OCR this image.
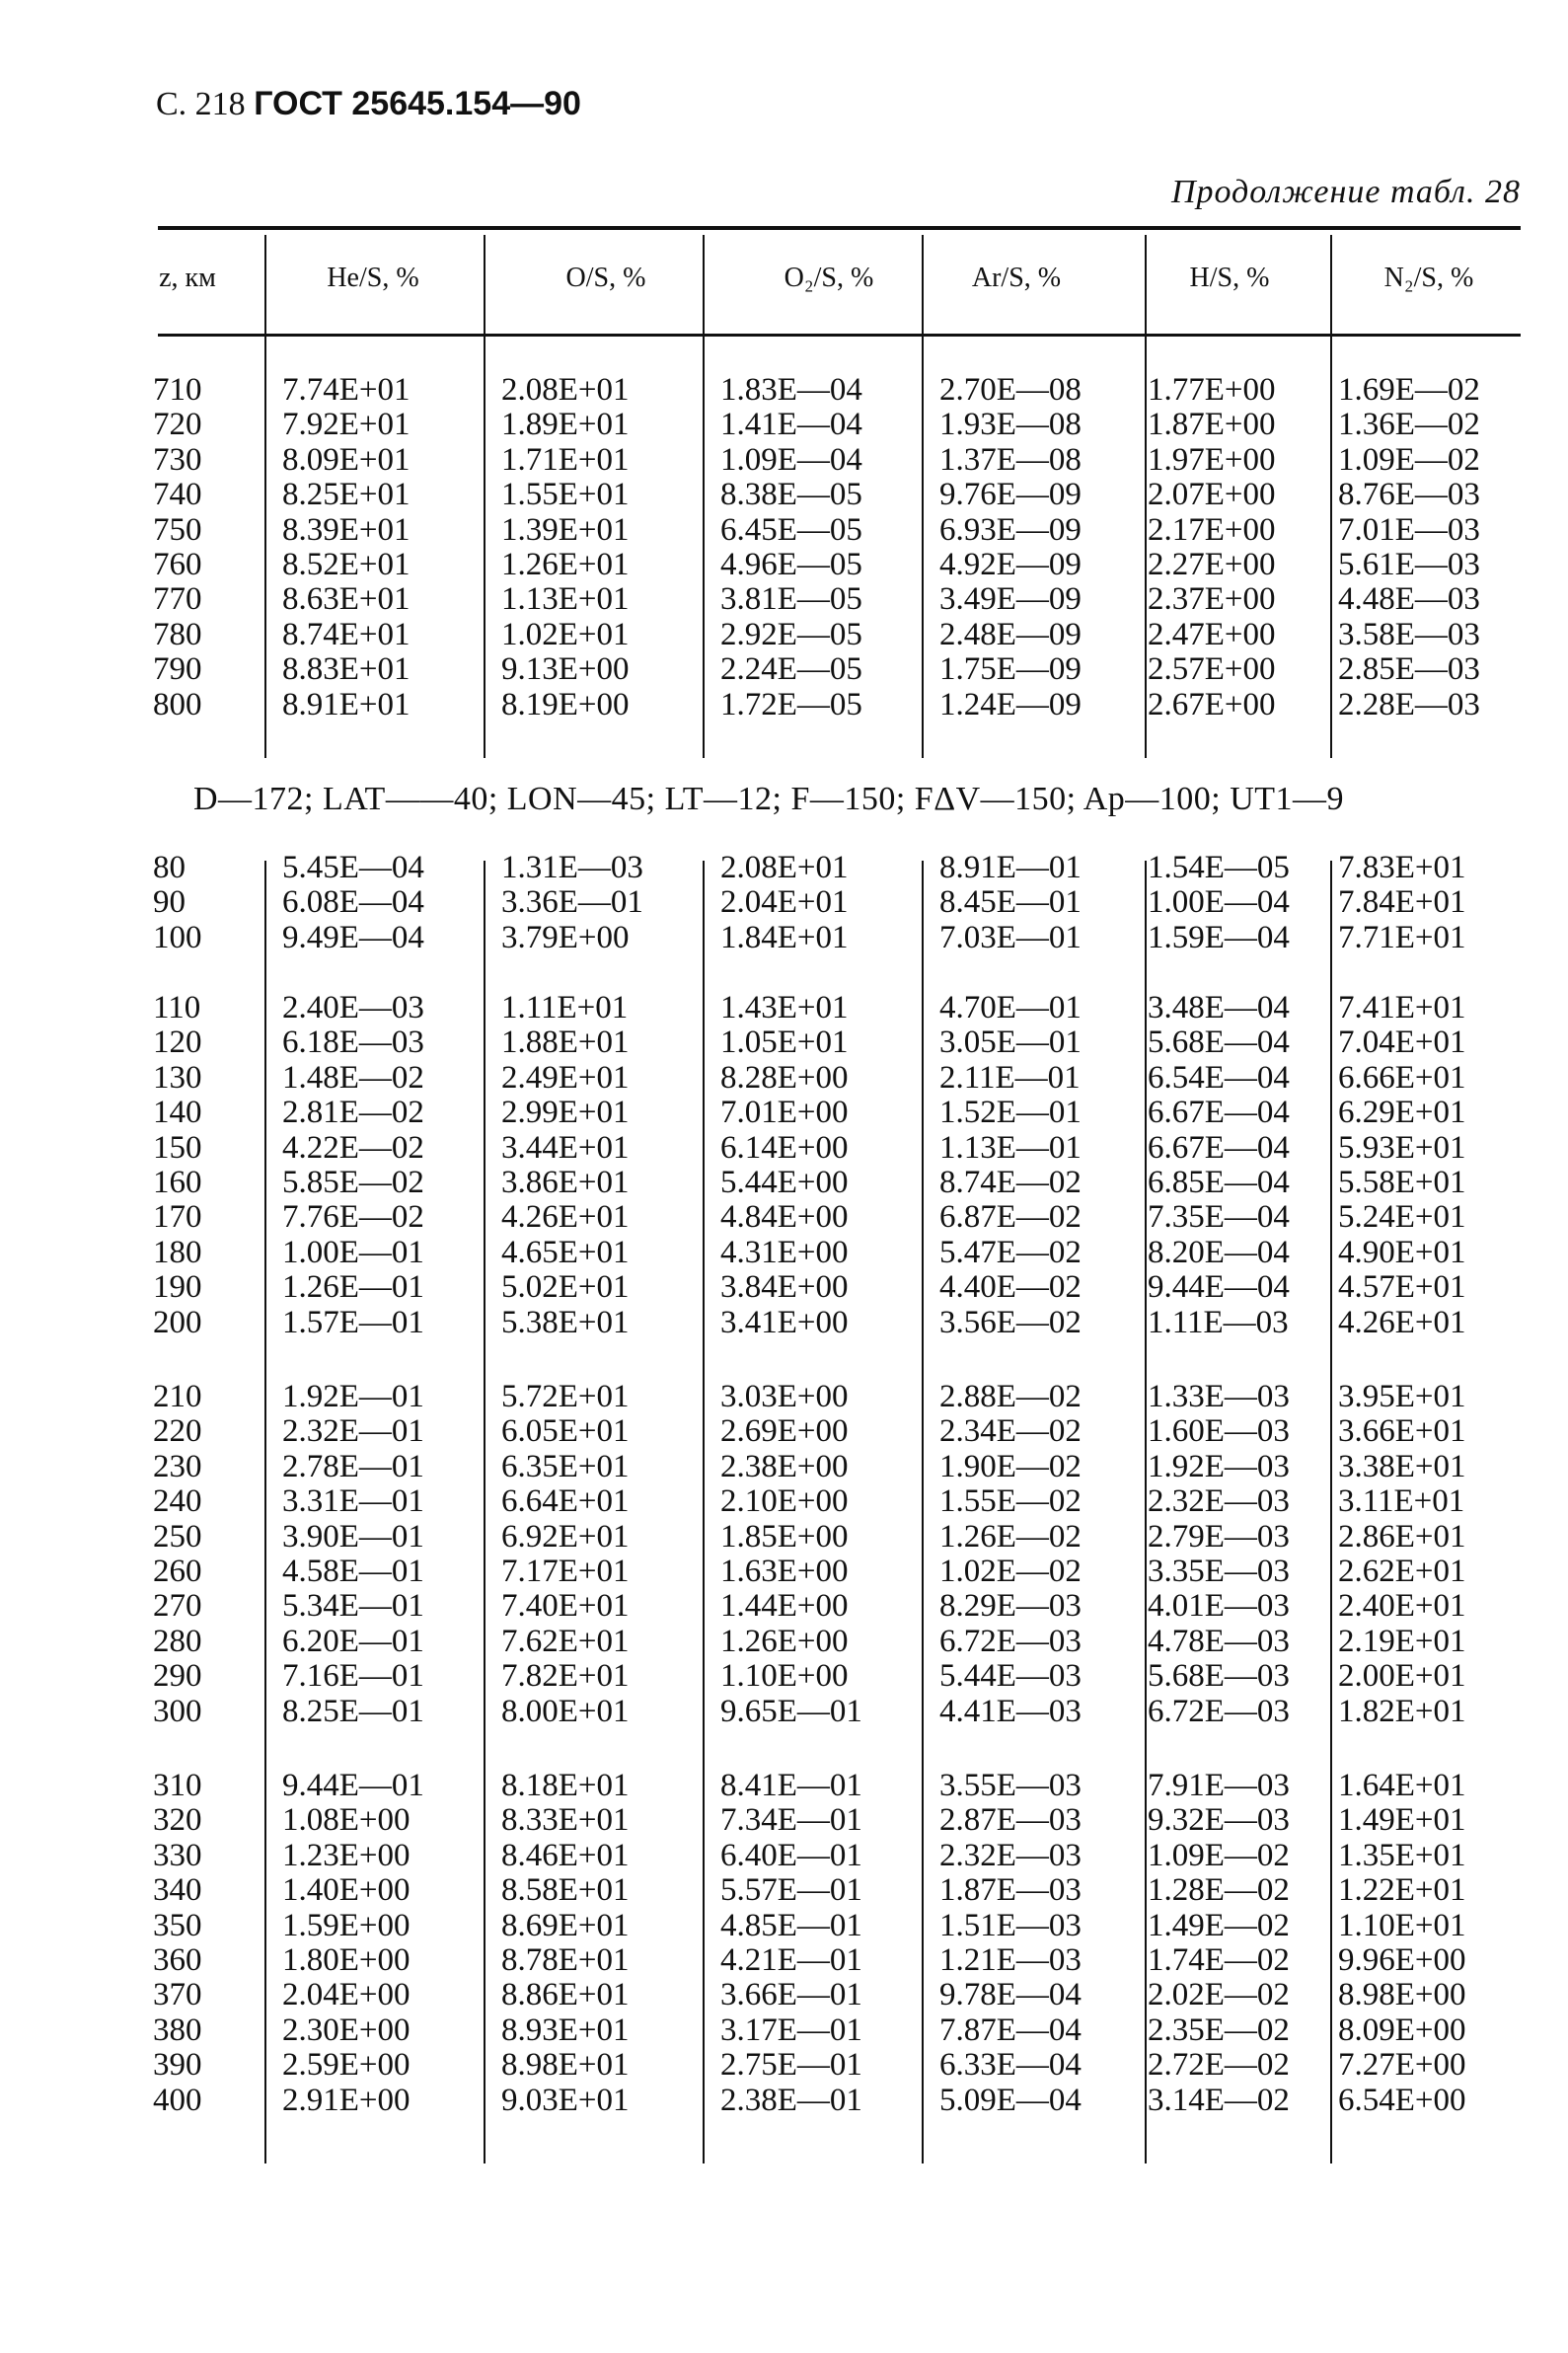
С. 218 ГОСТ 25645.154—90
Продолжение табл. 28
z, км	He/S, %	O/S, %	O₂/S, %	Ar/S, %	H/S, %	N₂/S, %
710 7.74E+01	2.08E+01	1.83E—04 2.70E—08 1.77E+00 1.69E—02
720 7.92E+01	1.89E+01	1.41E—04 1.93E—08 1.87E+00 1.36E—02
730 8.09E+01	1.71E+01	1.09E—04 1.37E—08 1.97E+00 1.09E—02
740 8.25E+01	1.55E+01	8.38E—05 9.76E—09 2.07E+00 8.76E—03
750 8.39E+01	1.39E+01	6.45E—05 6.93E—09 2.17E+00 7.01E—03
760 8.52E+01	1.26E+01	4.96E—05 4.92E—09 2.27E+00 5.61E—03
770 8.63E+01	1.13E+01	3.81E—05 3.49E—09 2.37E+00 4.48E—03
780 8.74E+01	1.02E+01	2.92E—05 2.48E—09 2.47E+00 3.58E—03
790 8.83E+01	9.13E+00	2.24E—05 1.75E—09 2.57E+00 2.85E—03
800 8.91E+01	8.19E+00	1.72E—05 1.24E—09 2.67E+00 2.28E—03
D—172; LAT——40; LON—45; LT—12; F—150; FΔV—150; Aр—100; UT1—9
80	5.45E—04 1.31E—03 2.08E+01	8.91E—01 1.54E—05 7.83E+01
90	6.08E—04 3.36E—01 2.04E+01	8.45E—01 1.00E—04 7.84E+01
100 9.49E—04 3.79E+00	1.84E+01	7.03E—01 1.59E—04 7.71E+01
110	2.40E—03 1.11E+01	1.43E+01	4.70E—01 3.48E—04 7.41E+01
120 6.18E—03 1.88E+01	1.05E+01	3.05E—01 5.68E—04 7.04E+01
130 1.48E—02 2.49E+01	8.28E+00	2.11E—01 6.54E—04 6.66E+01
140 2.81E—02 2.99E+01	7.01E+00	1.52E—01 6.67E—04 6.29E+01
150 4.22E—02 3.44E+01	6.14E+00	1.13E—01 6.67E—04 5.93E+01
160 5.85E—02 3.86E+01	5.44E+00	8.74E—02 6.85E—04 5.58E+01
170 7.76E—02 4.26E+01	4.84E+00	6.87E—02 7.35E—04 5.24E+01
180 1.00E—01 4.65E+01	4.31E+00	5.47E—02 8.20E—04 4.90E+01
190 1.26E—01 5.02E+01	3.84E+00	4.40E—02 9.44E—04 4.57E+01
200 1.57E—01 5.38E+01	3.41E+00	3.56E—02 1.11E—03 4.26E+01
210 1.92E—01 5.72E+01	3.03E+00	2.88E—02 1.33E—03 3.95E+01
220 2.32E—01 6.05E+01	2.69E+00	2.34E—02 1.60E—03 3.66E+01
230 2.78E—01 6.35E+01	2.38E+00	1.90E—02 1.92E—03 3.38E+01
240 3.31E—01 6.64E+01	2.10E+00	1.55E—02 2.32E—03 3.11E+01
250 3.90E—01 6.92E+01	1.85E+00	1.26E—02 2.79E—03 2.86E+01
260 4.58E—01 7.17E+01	1.63E+00	1.02E—02 3.35E—03 2.62E+01
270 5.34E—01 7.40E+01	1.44E+00	8.29E—03 4.01E—03 2.40E+01
280 6.20E—01 7.62E+01	1.26E+00	6.72E—03 4.78E—03 2.19E+01
290 7.16E—01 7.82E+01	1.10E+00	5.44E—03 5.68E—03 2.00E+01
300 8.25E—01 8.00E+01	9.65E—01 4.41E—03 6.72E—03 1.82E+01
310 9.44E—01 8.18E+01	8.41E—01 3.55E—03 7.91E—03 1.64E+01
320 1.08E+00	8.33E+01	7.34E—01 2.87E—03 9.32E—03 1.49E+01
330 1.23E+00	8.46E+01	6.40E—01 2.32E—03 1.09E—02 1.35E+01
340 1.40E+00	8.58E+01	5.57E—01 1.87E—03 1.28E—02 1.22E+01
350 1.59E+00	8.69E+01	4.85E—01 1.51E—03 1.49E—02 1.10E+01
360 1.80E+00	8.78E+01	4.21E—01 1.21E—03 1.74E—02 9.96E+00
370 2.04E+00	8.86E+01	3.66E—01 9.78E—04 2.02E—02 8.98E+00
380 2.30E+00	8.93E+01	3.17E—01 7.87E—04 2.35E—02 8.09E+00
390 2.59E+00	8.98E+01	2.75E—01 6.33E—04 2.72E—02 7.27E+00
400 2.91E+00	9.03E+01	2.38E—01 5.09E—04 3.14E—02 6.54E+00
